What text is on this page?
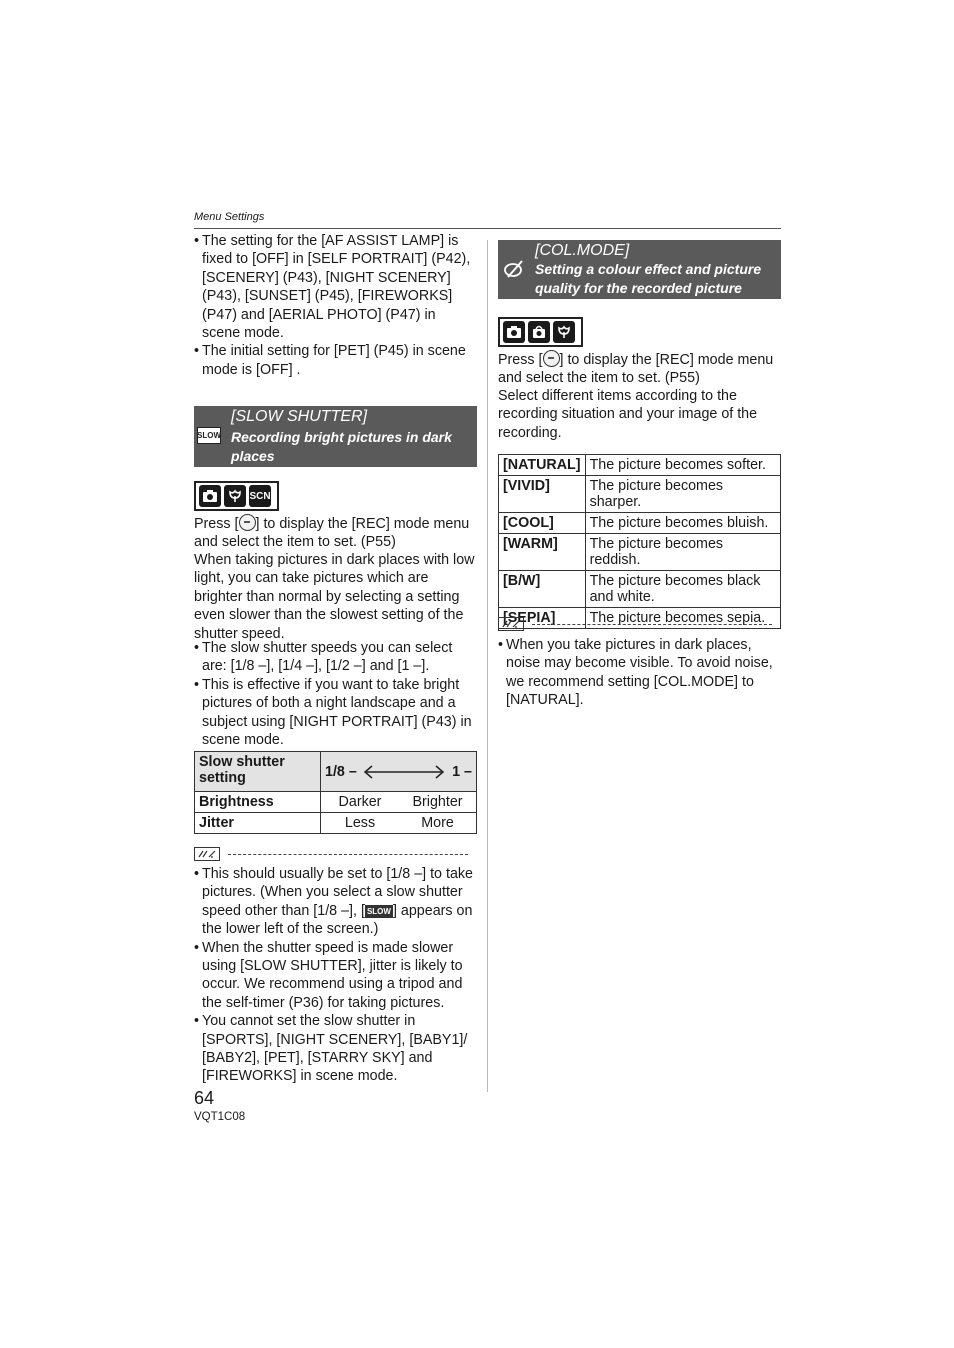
Menu Settings
• The setting for the [AF ASSIST LAMP] is fixed to [OFF] in [SELF PORTRAIT] (P42), [SCENERY] (P43), [NIGHT SCENERY] (P43), [SUNSET] (P45), [FIREWORKS] (P47) and [AERIAL PHOTO] (P47) in scene mode.
• The initial setting for [PET] (P45) in scene mode is [OFF] .
SLOW
[SLOW SHUTTER]
Recording bright pictures in dark
places
SCN
Press [ ] to display the [REC] mode menu and select the item to set. (P55)
When taking pictures in dark places with low light, you can take pictures which are brighter than normal by selecting a setting even slower than the slowest setting of the shutter speed.
• The slow shutter speeds you can select are: [1/8 –], [1/4 –], [1/2 –] and [1 –].
• This is effective if you want to take bright pictures of both a night landscape and a subject using [NIGHT PORTRAIT] (P43) in scene mode.
Slow shutter setting	1/8 – 1 –	

Brightness	Darker	Brighter
Jitter	Less	More
• This should usually be set to [1/8 –] to take pictures. (When you select a slow shutter speed other than [1/8 –], [ SLOW ] appears on the lower left of the screen.)
• When the shutter speed is made slower using [SLOW SHUTTER], jitter is likely to occur. We recommend using a tripod and the self-timer (P36) for taking pictures.
• You cannot set the slow shutter in [SPORTS], [NIGHT SCENERY], [BABY1]/ [BABY2], [PET], [STARRY SKY] and [FIREWORKS] in scene mode.
[COL.MODE]
Setting a colour effect and picture
quality for the recorded picture
Press [ ] to display the [REC] mode menu and select the item to set. (P55)
Select different items according to the recording situation and your image of the recording.
[NATURAL]	The picture becomes softer.
[VIVID]	The picture becomes sharper.
[COOL]	The picture becomes bluish.
[WARM]	The picture becomes reddish.
[B/W]	The picture becomes black and white.
[SEPIA]	The picture becomes sepia.
• When you take pictures in dark places, noise may become visible. To avoid noise, we recommend setting [COL.MODE] to [NATURAL].
64
VQT1C08
